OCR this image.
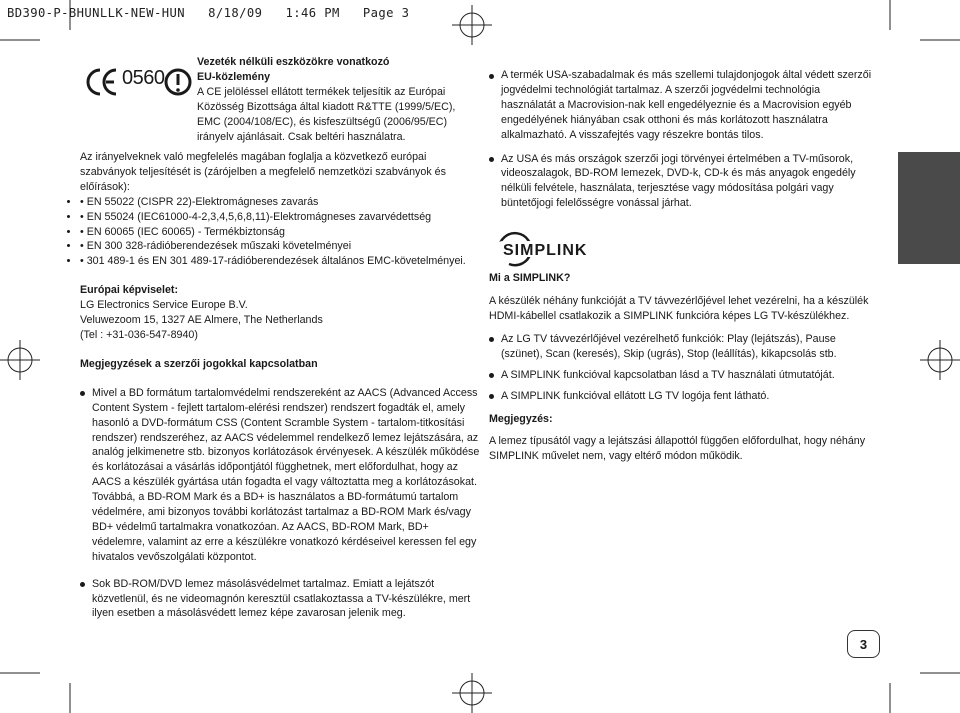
BD390-P-BHUNLLK-NEW-HUN   8/18/09   1:46 PM   Page 3
0560

Vezeték nélküli eszközökre vonatkozó

EU-közlemény

A CE jelöléssel ellátott termékek teljesítik az Európai

Közösség Bizottsága által kiadott R&TTE (1999/5/EC),

EMC (2004/108/EC), és kisfeszültségű (2006/95/EC)

irányelv ajánlásait. Csak beltéri használatra.

Az irányelveknek való megfelelés magában foglalja a közvetkező európai szabványok teljesítését is (zárójelben a megfelelő nemzetközi szabványok és előírások):

• • EN 55022 (CISPR 22)-Elektromágneses zavarás
• • EN 55024 (IEC61000-4-2,3,4,5,6,8,11)-Elektromágneses zavarvédettség
• • EN 60065 (IEC 60065) - Termékbiztonság
• • EN 300 328-rádióberendezések műszaki követelményei
• • 301 489-1 és EN 301 489-17-rádióberendezések általános EMC-követelményei.

Európai képviselet:

LG Electronics Service Europe B.V.

Veluwezoom 15, 1327 AE Almere, The Netherlands

(Tel : +31-036-547-8940)

Megjegyzések a szerzői jogokkal kapcsolatban

Mivel a BD formátum tartalomvédelmi rendszereként az AACS (Advanced Access Content System - fejlett tartalom-elérési rendszer) rendszert fogadták el, amely hasonló a DVD-formátum CSS (Content Scramble System - tartalom-titkosítási rendszer) rendszeréhez, az AACS védelemmel rendelkező lemez lejátszására, az analóg jelkimenetre stb. bizonyos korlátozások érvényesek. A készülék működése és korlátozásai a vásárlás időpontjától függhetnek, mert előfordulhat, hogy az AACS a készülék gyártása után fogadta el vagy változtatta meg a korlátozásokat. Továbbá, a BD-ROM Mark és a BD+ is használatos a BD-formátumú tartalom védelmére, ami bizonyos további korlátozást tartalmaz a BD-ROM Mark és/vagy BD+ védelmű tartalmakra vonatkozóan. Az AACS, BD-ROM Mark, BD+ védelemre, valamint az erre a készülékre vonatkozó kérdéseivel keressen fel egy hivatalos vevőszolgálati központot.
Sok BD-ROM/DVD lemez másolásvédelmet tartalmaz. Emiatt a lejátszót közvetlenül, és ne videomagnón keresztül csatlakoztassa a TV-készülékre, mert ilyen esetben a másolásvédett lemez képe zavarosan jelenik meg.
A termék USA-szabadalmak és más szellemi tulajdonjogok által védett szerzői jogvédelmi technológiát tartalmaz. A szerzői jogvédelmi technológia használatát a Macrovision-nak kell engedélyeznie és a Macrovision egyéb engedélyének hiányában csak otthoni és más korlátozott használatra alkalmazható. A visszafejtés vagy részekre bontás tilos.
Az USA és más országok szerzői jogi törvényei értelmében a TV-műsorok, videoszalagok, BD-ROM lemezek, DVD-k, CD-k és más anyagok engedély nélküli felvétele, használata, terjesztése vagy módosítása polgári vagy büntetőjogi felelősségre vonással járhat.
SIMPLINK

Mi a SIMPLINK?

A készülék néhány funkcióját a TV távvezérlőjével lehet vezérelni, ha a készülék HDMI-kábellel csatlakozik a SIMPLINK funkcióra képes LG TV-készülékhez.

Az LG TV távvezérlőjével vezérelhető funkciók: Play (lejátszás), Pause (szünet), Scan (keresés), Skip (ugrás), Stop (leállítás), kikapcsolás stb.
A SIMPLINK funkcióval kapcsolatban lásd a TV használati útmutatóját.
A SIMPLINK funkcióval ellátott LG TV logója fent látható.

Megjegyzés:

A lemez típusától vagy a lejátszási állapottól függően előfordulhat, hogy néhány SIMPLINK művelet nem, vagy eltérő módon működik.

3
